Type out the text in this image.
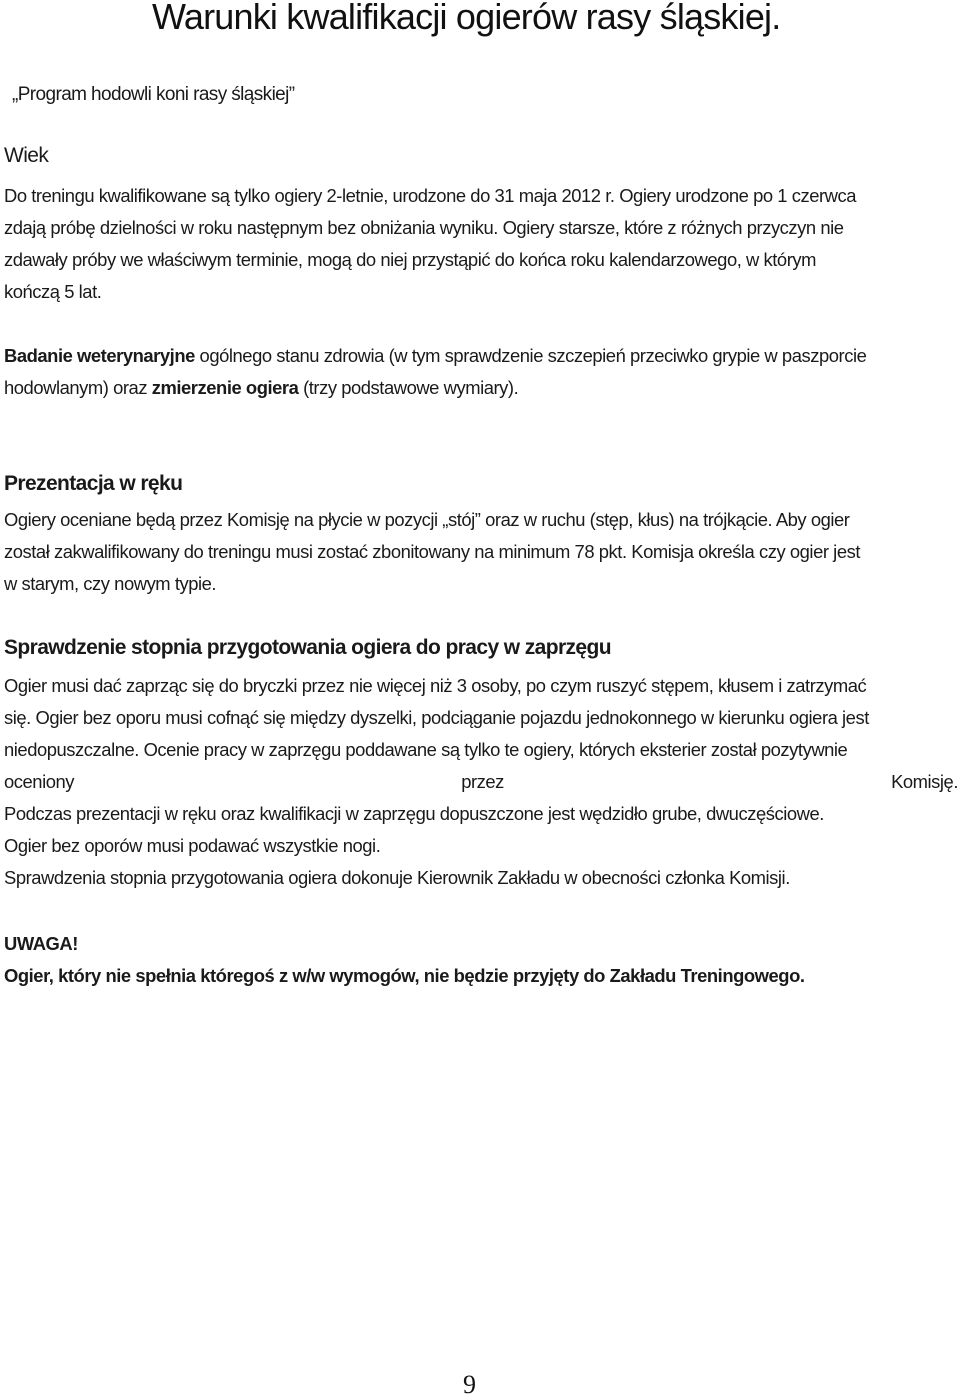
Warunki kwalifikacji ogierów rasy śląskiej.
„Program hodowli koni rasy śląskiej”
Wiek
Do treningu kwalifikowane są tylko ogiery 2-letnie, urodzone do 31 maja 2012 r. Ogiery urodzone po 1 czerwca
zdają próbę dzielności w roku następnym bez obniżania wyniku. Ogiery starsze, które z różnych przyczyn nie
zdawały próby we właściwym terminie, mogą do niej przystąpić do końca roku kalendarzowego, w którym
kończą 5 lat.
Badanie weterynaryjne ogólnego stanu zdrowia (w tym sprawdzenie szczepień przeciwko grypie w paszporcie
hodowlanym) oraz zmierzenie ogiera (trzy podstawowe wymiary).
Prezentacja w ręku
Ogiery oceniane będą przez Komisję na płycie w pozycji „stój” oraz w ruchu (stęp, kłus) na trójkącie. Aby ogier
został zakwalifikowany do treningu musi zostać zbonitowany na minimum 78 pkt. Komisja określa czy ogier jest
w starym, czy nowym typie.
Sprawdzenie stopnia przygotowania ogiera do pracy w zaprzęgu
Ogier musi dać zaprząc się do bryczki przez nie więcej niż 3 osoby, po czym ruszyć stępem, kłusem i zatrzymać
się. Ogier bez oporu musi cofnąć się między dyszelki, podciąganie pojazdu jednokonnego w kierunku ogiera jest
niedopuszczalne. Ocenie pracy w zaprzęgu poddawane są tylko te ogiery, których eksterier został pozytywnie
oceniony	przez	Komisję.
Podczas prezentacji w ręku oraz kwalifikacji w zaprzęgu dopuszczone jest wędzidło grube, dwuczęściowe.
Ogier bez oporów musi podawać wszystkie nogi.
Sprawdzenia stopnia przygotowania ogiera dokonuje Kierownik Zakładu w obecności członka Komisji.
UWAGA!
Ogier, który nie spełnia któregoś z w/w wymogów, nie będzie przyjęty do Zakładu Treningowego.
9
